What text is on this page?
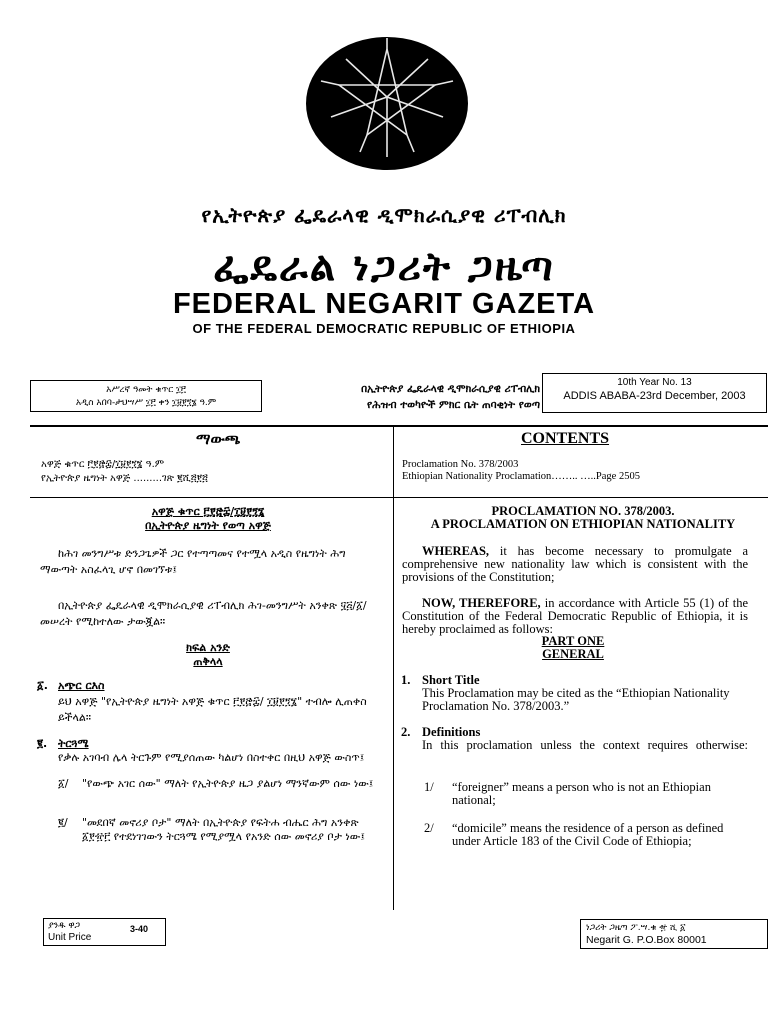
የኢትዮጵያ ፌዴራላዊ ዲሞክራሲያዊ ሪፐብሊክ
ፌዴራል ነጋሪት ጋዜጣ
FEDERAL NEGARIT GAZETA
OF THE FEDERAL DEMOCRATIC REPUBLIC OF ETHIOPIA
አሥረኛ ዓመት ቁጥር ፲፫
አዲስ አበባ-ታህሣሥ ፲፫ ቀን ፲፱፻፺፮ ዓ.ም
በኢትዮጵያ ፌዴራላዊ ዲሞክራሲያዊ ሪፐብሊክ
የሕዝብ ተወካዮች ምክር ቤት ጠባቂነት የወጣ
10th Year No. 13
ADDIS ABABA-23rd December, 2003
ማውጫ
አዋጅ ቁጥር ፫፻፸፰/፲፱፻፺፮ ዓ.ም
የኢትዮጵያ ዜግነት አዋጅ .........ገጽ ፪ሺ፭፻፭
CONTENTS
Proclamation No. 378/2003
Ethiopian Nationality Proclamation…….. …..Page 2505
አዋጅ ቁጥር ፫፻፸፰/፲፱፻፺፮
በኢትዮጵያ ዜግነት የወጣ አዋጅ
ከሕገ መንግሥቱ ድንጋጌዎች ጋር የተጣጣመና የተሟላ አዲስ የዜግነት ሕግ ማውጣት አስፈላጊ ሆኖ በመገኘቱ፤
በኢትዮጵያ ፌዴራላዊ ዲሞክራሲያዊ ሪፐብሊክ ሕገ-መንግሥት አንቀጽ ፶፭/፩/ መሠረት የሚከተለው ታውጇል።
ክፍል አንድ
ጠቅላላ
፩. አጭር ርእስ
ይህ አዋጅ "የኢትዮጵያ ዜግነት አዋጅ ቁጥር ፫፻፸፰/ ፲፱፻፺፮" ተብሎ ሊጠቀስ ይችላል።
፪. ትርጓሜ
የቃሉ አገባብ ሌላ ትርጉም የሚያሰጠው ካልሆነ በስተቀር በዚህ አዋጅ ውስጥ፤
፩/ "የውጭ አገር ሰው" ማለት የኢትዮጵያ ዜጋ ያልሆነ ማንኛውም ሰው ነው፤
፪/ "መደበኛ መኖሪያ ቦታ" ማለት በኢትዮጵያ የፍትሐ ብሔር ሕግ አንቀጽ ፩፻፹፫ የተደነገገውን ትርጓሜ የሚያሟላ የአንድ ሰው መኖሪያ ቦታ ነው፤
PROCLAMATION NO. 378/2003.
A PROCLAMATION ON ETHIOPIAN NATIONALITY
WHEREAS, it has become necessary to promulgate a comprehensive new nationality law which is consistent with the provisions of the Constitution;
NOW, THEREFORE, in accordance with Article 55 (1) of the Constitution of the Federal Democratic Republic of Ethiopia, it is hereby proclaimed as follows:
PART ONE
GENERAL
1. Short Title
This Proclamation may be cited as the “Ethiopian Nationality Proclamation No. 378/2003.”
2. Definitions
In this proclamation unless the context requires otherwise:
1/ “foreigner” means a person who is not an Ethiopian national;
2/ “domicile” means the residence of a person as defined under Article 183 of the Civil Code of Ethiopia;
ያንዱ ዋጋ
Unit Price
3-40	ነጋሪት ጋዜጣ ፖ.ሣ.ቁ ፹ ሺ ፩
Negarit G. P.O.Box 80001
